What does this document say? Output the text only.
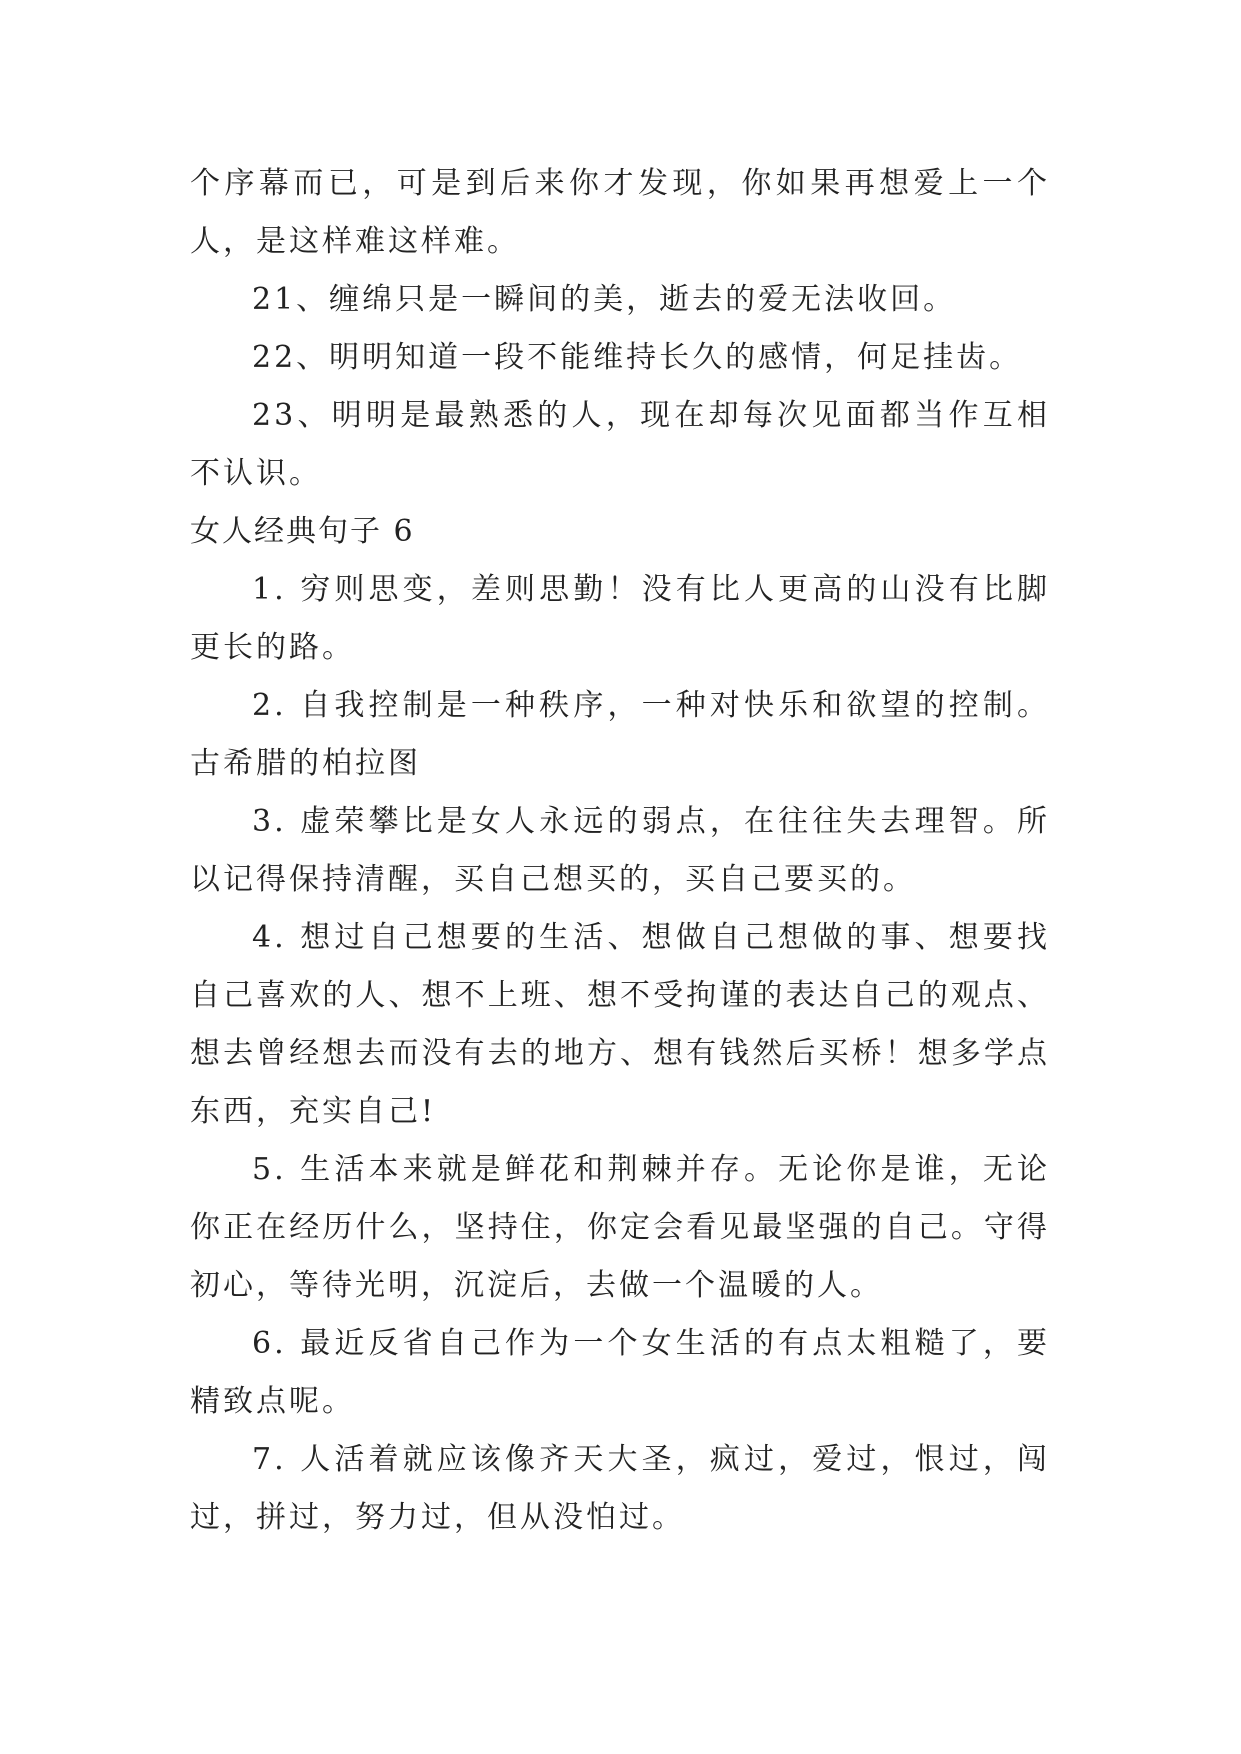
个序幕而已，可是到后来你才发现，你如果再想爱上一个人，是这样难这样难。

21、缠绵只是一瞬间的美，逝去的爱无法收回。

22、明明知道一段不能维持长久的感情，何足挂齿。

23、明明是最熟悉的人，现在却每次见面都当作互相不认识。

女人经典句子 6

1. 穷则思变，差则思勤！没有比人更高的山没有比脚更长的路。

2. 自我控制是一种秩序，一种对快乐和欲望的控制。古希腊的柏拉图

3. 虚荣攀比是女人永远的弱点，在往往失去理智。所以记得保持清醒，买自己想买的，买自己要买的。

4. 想过自己想要的生活、想做自己想做的事、想要找自己喜欢的人、想不上班、想不受拘谨的表达自己的观点、想去曾经想去而没有去的地方、想有钱然后买桥！想多学点东西，充实自己!

5. 生活本来就是鲜花和荆棘并存。无论你是谁，无论你正在经历什么，坚持住，你定会看见最坚强的自己。守得初心，等待光明，沉淀后，去做一个温暖的人。

6. 最近反省自己作为一个女生活的有点太粗糙了，要精致点呢。

7. 人活着就应该像齐天大圣，疯过，爱过，恨过，闯过，拼过，努力过，但从没怕过。
